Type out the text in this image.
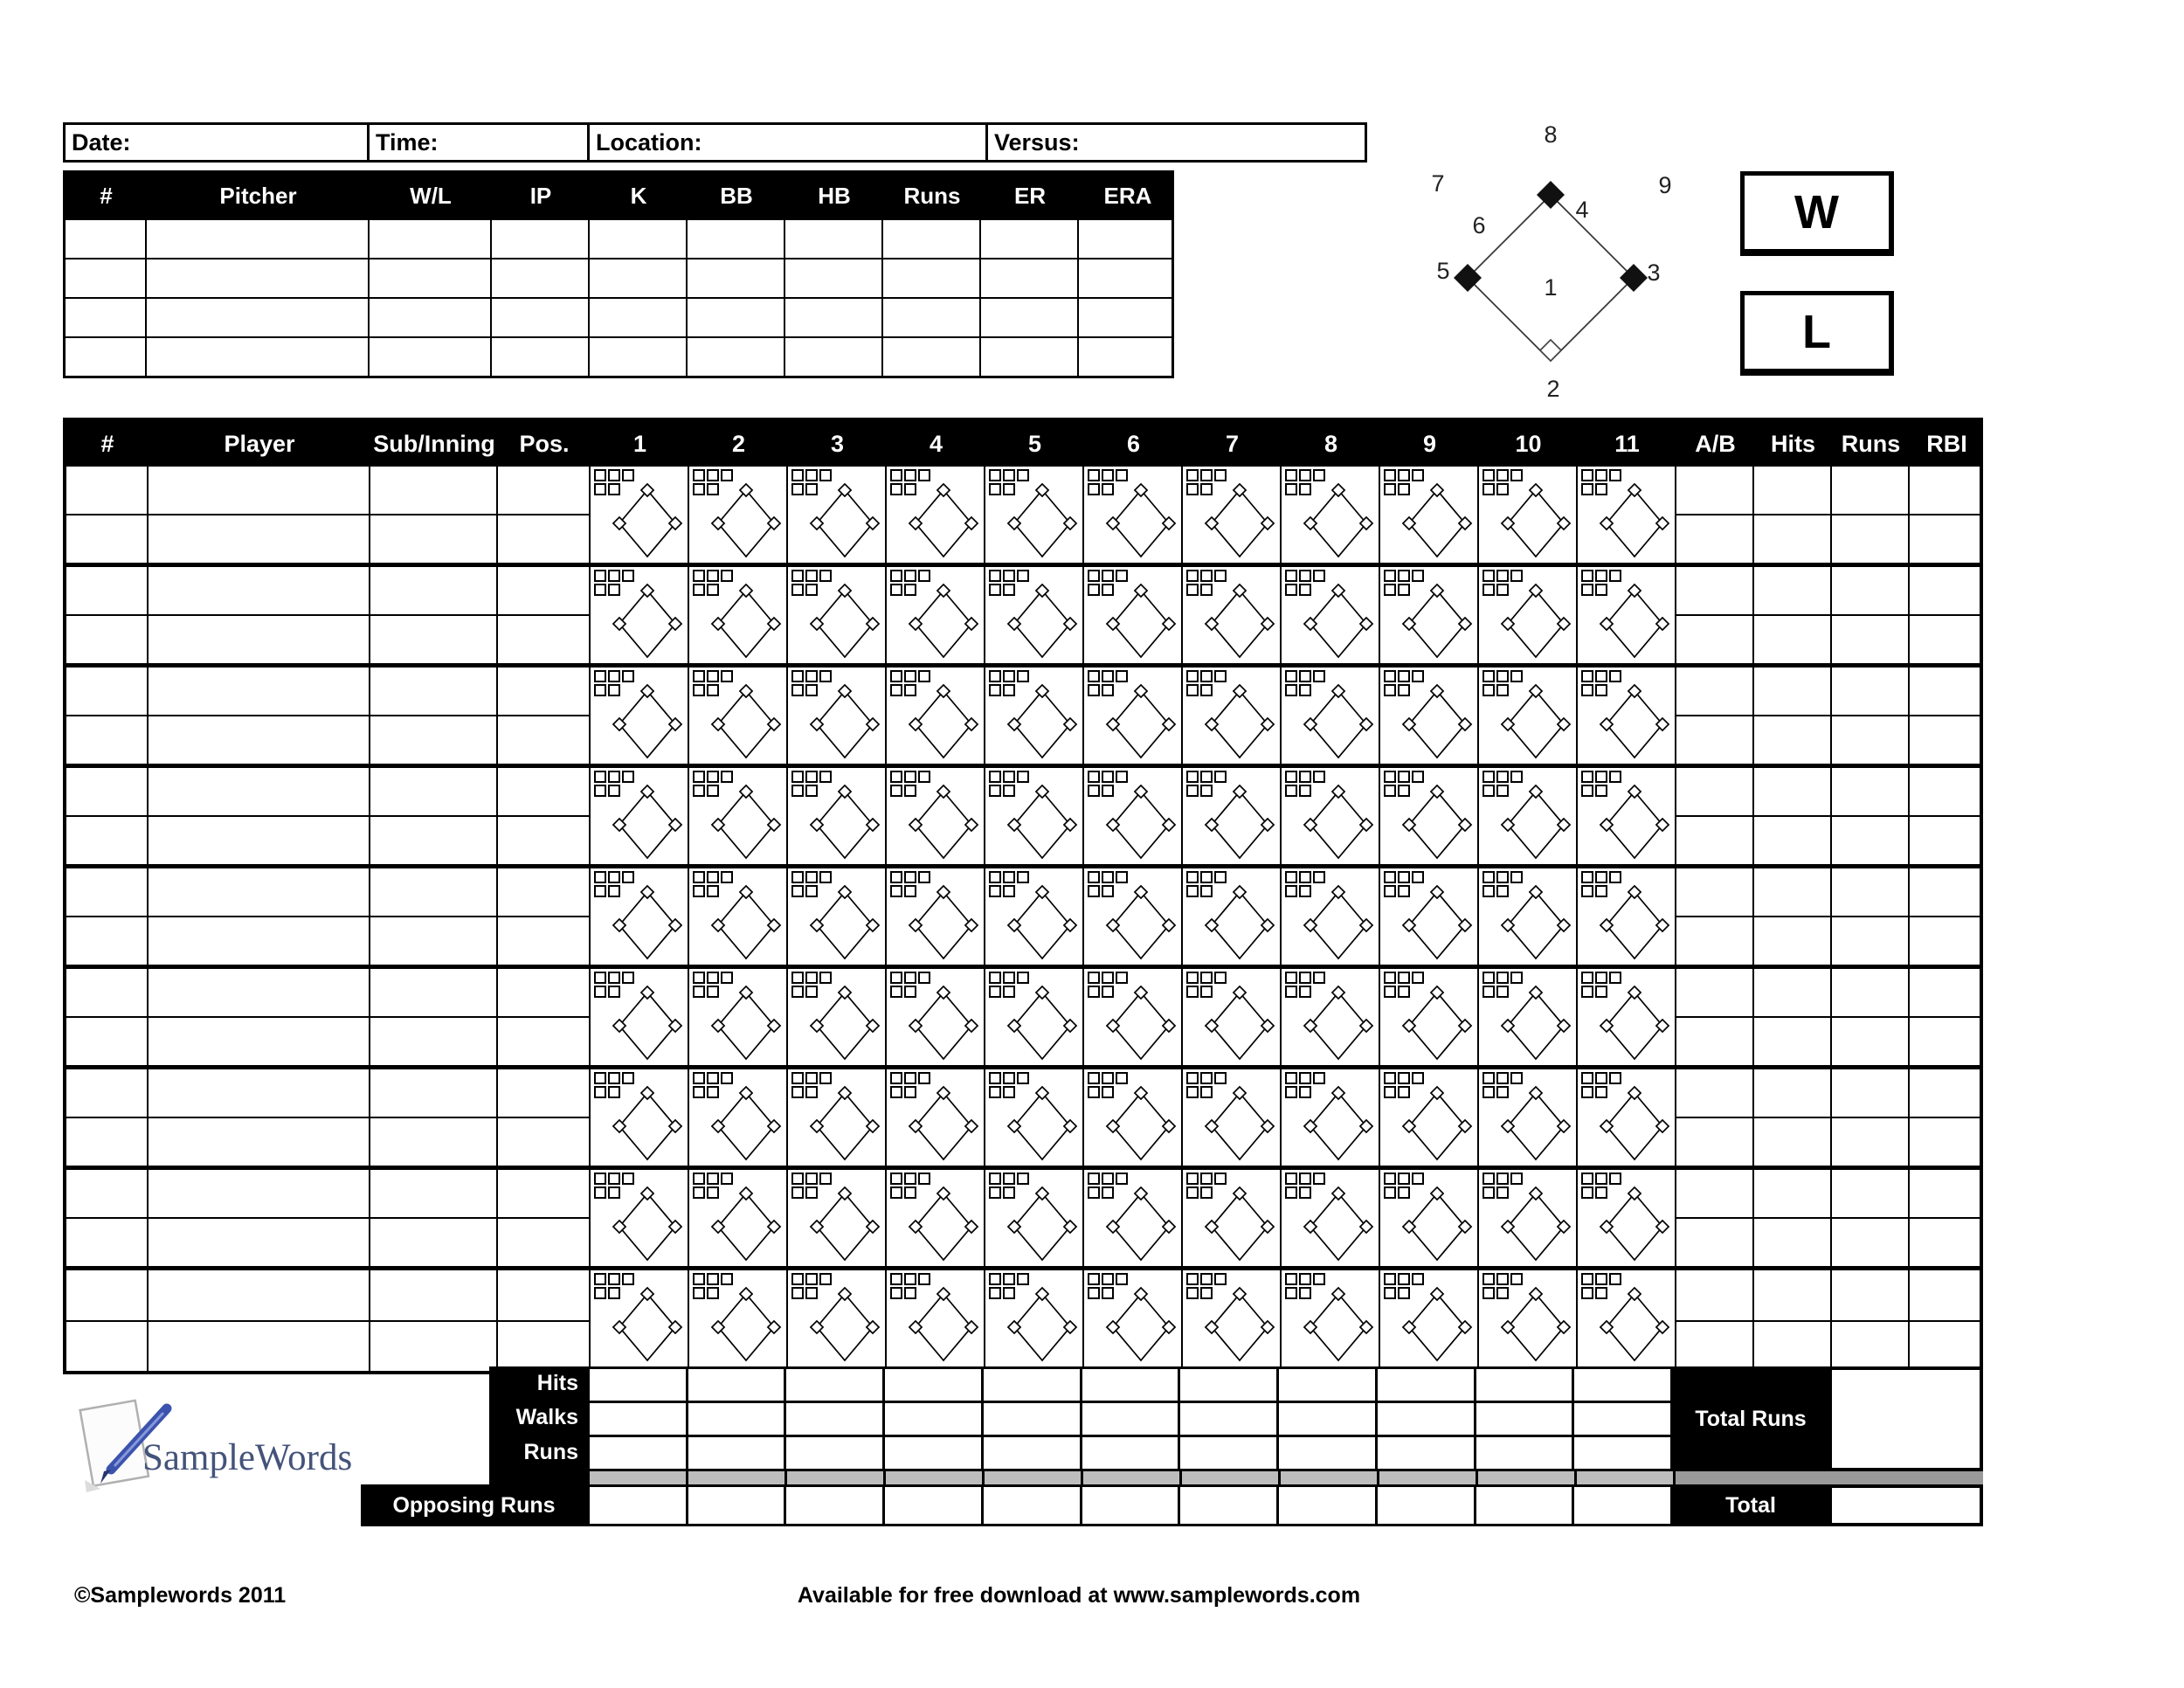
Date:	Time:	Location:	Versus:
#	Pitcher	W/L	IP	K	BB	HB	Runs	ER	ERA
1
2
3
4
5
6
7
8
9
W
L
#	Player	Sub/Inning	Pos.	1	2	3	4	5	6	7	8	9	10	11	A/B	Hits	Runs	RBI
Hits
Walks
Runs
Opposing Runs
Total Runs
Total
SampleWords
©Samplewords 2011	Available for free download at www.samplewords.com
